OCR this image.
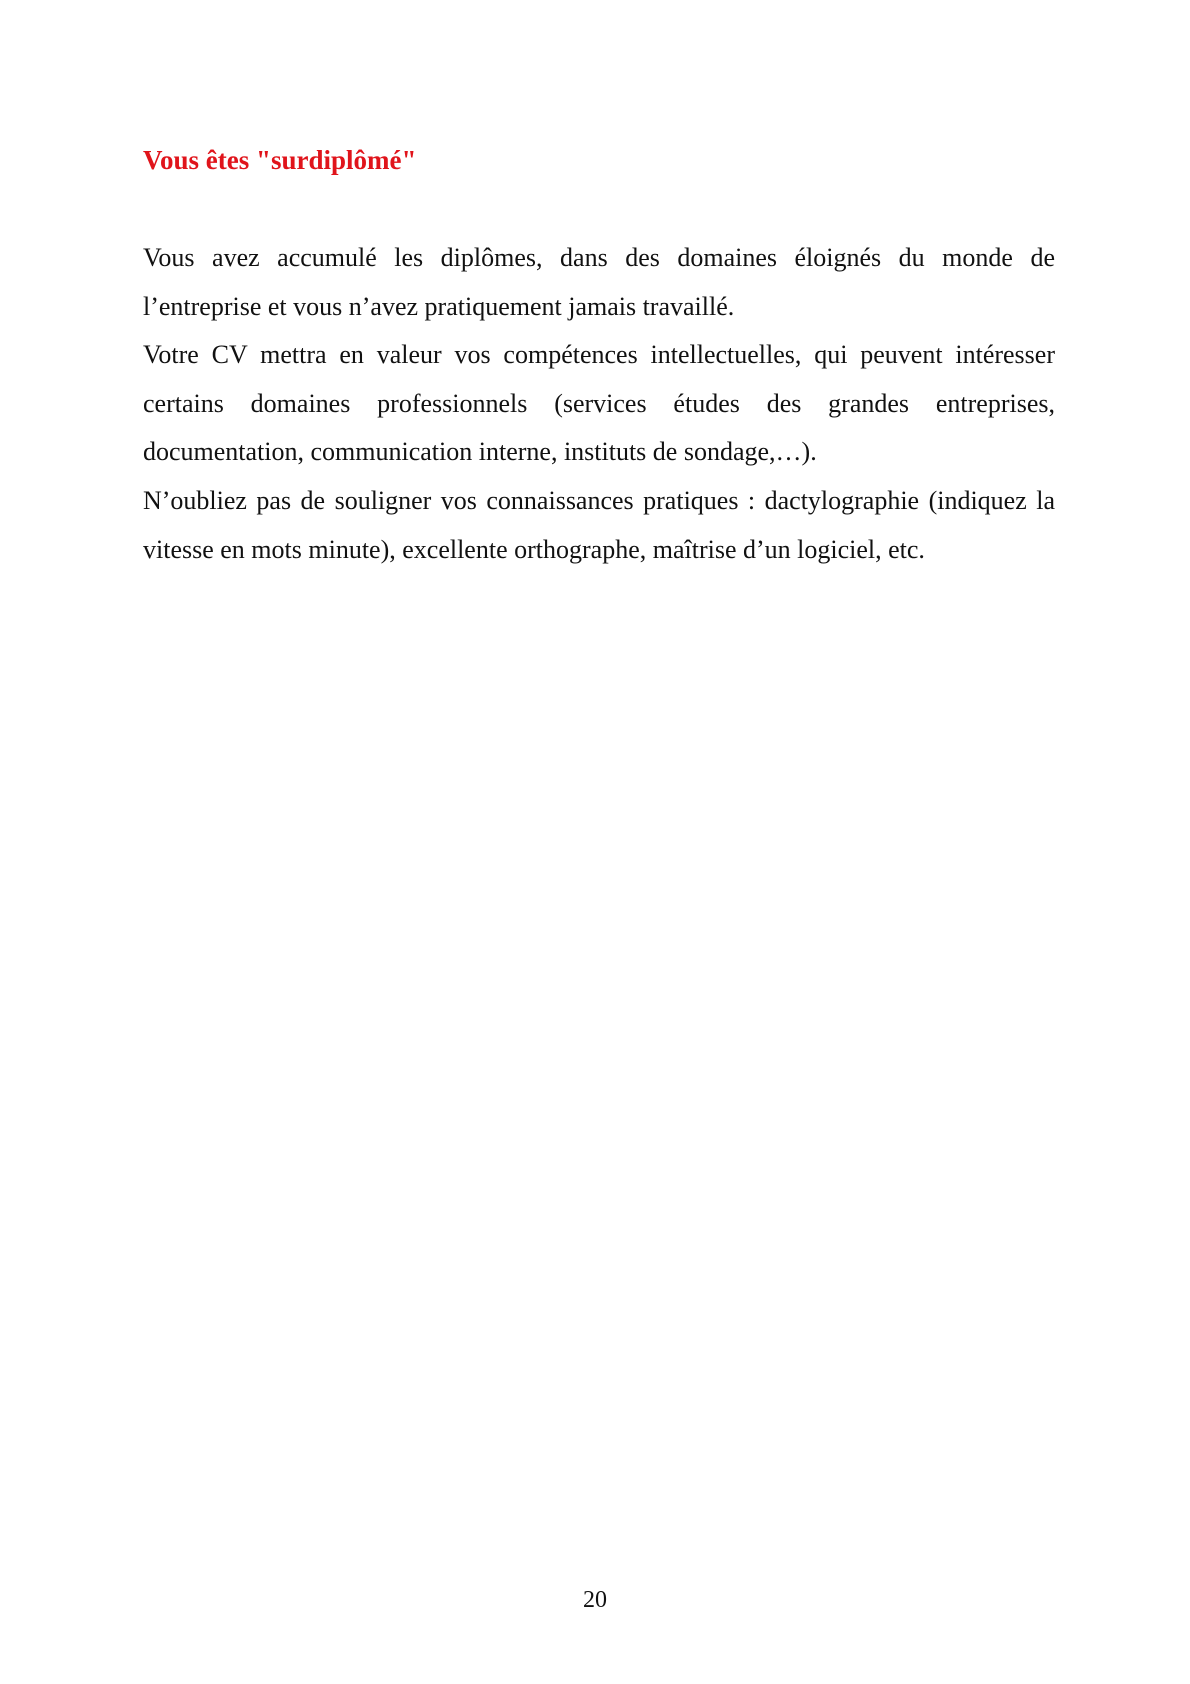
Vous êtes "surdiplômé"

Vous avez accumulé les diplômes, dans des domaines éloignés du monde de l’entreprise et vous n’avez pratiquement jamais travaillé.

Votre CV mettra en valeur vos compétences intellectuelles, qui peuvent intéresser certains domaines professionnels (services études des grandes entreprises, documentation, communication interne, instituts de sondage,…).

N’oubliez pas de souligner vos connaissances pratiques : dactylographie (indiquez la vitesse en mots minute), excellente orthographe, maîtrise d’un logiciel, etc.

20
